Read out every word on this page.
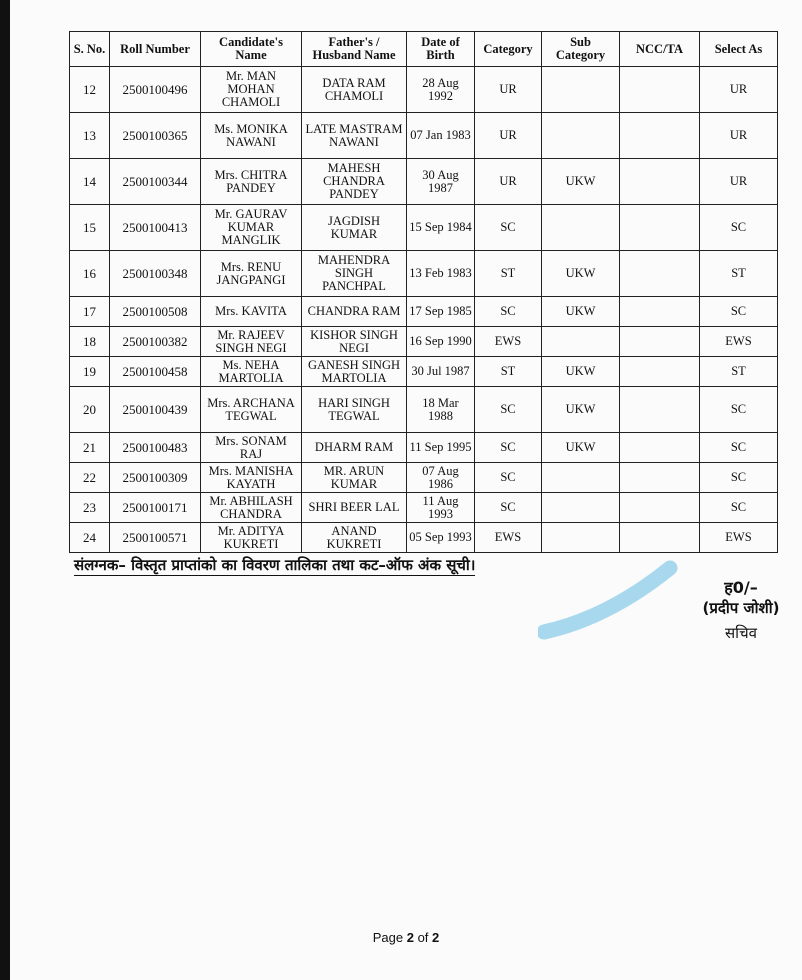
S. No.	Roll Number	Candidate's Name	Father's / Husband Name	Date of Birth	Category	Sub Category	NCC/TA	Select As
12	2500100496	Mr. MAN MOHAN CHAMOLI	DATA RAM CHAMOLI	28 Aug 1992	UR			UR
13	2500100365	Ms. MONIKA NAWANI	LATE MASTRAM NAWANI	07 Jan 1983	UR			UR
14	2500100344	Mrs. CHITRA PANDEY	MAHESH CHANDRA PANDEY	30 Aug 1987	UR	UKW		UR
15	2500100413	Mr. GAURAV KUMAR MANGLIK	JAGDISH KUMAR	15 Sep 1984	SC			SC
16	2500100348	Mrs. RENU JANGPANGI	MAHENDRA SINGH PANCHPAL	13 Feb 1983	ST	UKW		ST
17	2500100508	Mrs. KAVITA	CHANDRA RAM	17 Sep 1985	SC	UKW		SC
18	2500100382	Mr. RAJEEV SINGH NEGI	KISHOR SINGH NEGI	16 Sep 1990	EWS			EWS
19	2500100458	Ms. NEHA MARTOLIA	GANESH SINGH MARTOLIA	30 Jul 1987	ST	UKW		ST
20	2500100439	Mrs. ARCHANA TEGWAL	HARI SINGH TEGWAL	18 Mar 1988	SC	UKW		SC
21	2500100483	Mrs. SONAM RAJ	DHARM RAM	11 Sep 1995	SC	UKW		SC
22	2500100309	Mrs. MANISHA KAYATH	MR. ARUN KUMAR	07 Aug 1986	SC			SC
23	2500100171	Mr. ABHILASH CHANDRA	SHRI BEER LAL	11 Aug 1993	SC			SC
24	2500100571	Mr. ADITYA KUKRETI	ANAND KUKRETI	05 Sep 1993	EWS			EWS
संलग्नक– विस्तृत प्राप्तांको का विवरण तालिका तथा कट–ऑफ अंक सूची।
ह0/–
(प्रदीप जोशी)
सचिव
Page 2 of 2
